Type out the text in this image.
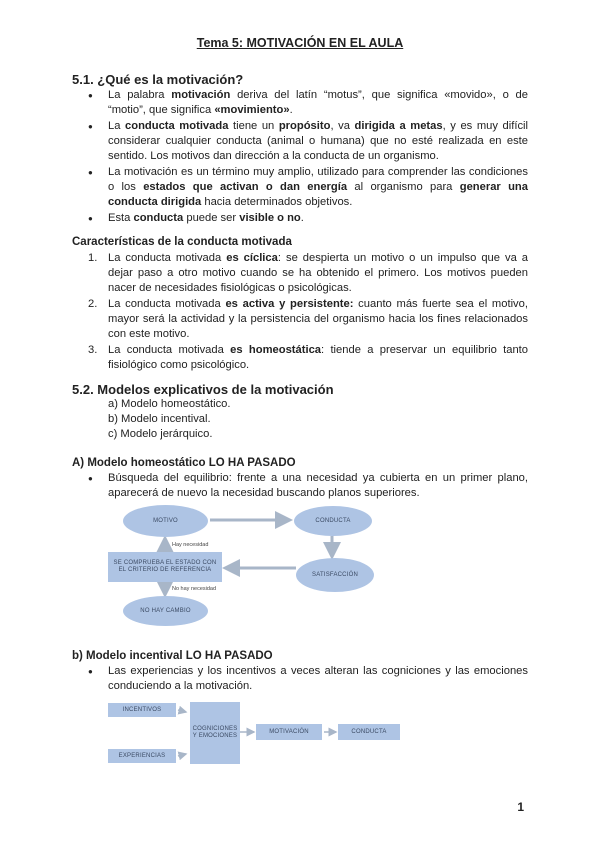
Tema 5: MOTIVACIÓN EN EL AULA
5.1. ¿Qué es la motivación?
● La palabra motivación deriva del latín “motus”, que significa «movido», o de “motio”, que significa «movimiento».
● La conducta motivada tiene un propósito, va dirigida a metas, y es muy difícil considerar cualquier conducta (animal o humana) que no esté realizada en este sentido. Los motivos dan dirección a la conducta de un organismo.
● La motivación es un término muy amplio, utilizado para comprender las condiciones o los estados que activan o dan energía al organismo para generar una conducta dirigida hacia determinados objetivos.
● Esta conducta puede ser visible o no.
Características de la conducta motivada
1. La conducta motivada es cíclica: se despierta un motivo o un impulso que va a dejar paso a otro motivo cuando se ha obtenido el primero. Los motivos pueden nacer de necesidades fisiológicas o psicológicas.
2. La conducta motivada es activa y persistente: cuanto más fuerte sea el motivo, mayor será la actividad y la persistencia del organismo hacia los fines relacionados con este motivo.
3. La conducta motivada es homeostática: tiende a preservar un equilibrio tanto fisiológico como psicológico.
5.2. Modelos explicativos de la motivación
a) Modelo homeostático.
b) Modelo incentival.
c) Modelo jerárquico.
A) Modelo homeostático LO HA PASADO
● Búsqueda del equilibrio: frente a una necesidad ya cubierta en un primer plano, aparecerá de nuevo la necesidad buscando planos superiores.
MOTIVO	CONDUCTA
SATISFACCIÓN
SE COMPRUEBA EL ESTADO CON EL CRITERIO DE REFERENCIA
NO HAY CAMBIO
Hay necesidad
No hay necesidad
b) Modelo incentival LO HA PASADO
● Las experiencias y los incentivos a veces alteran las cogniciones y las emociones conduciendo a la motivación.
INCENTIVOS
EXPERIENCIAS
COGNICIONES Y EMOCIONES
MOTIVACIÓN	CONDUCTA
1
